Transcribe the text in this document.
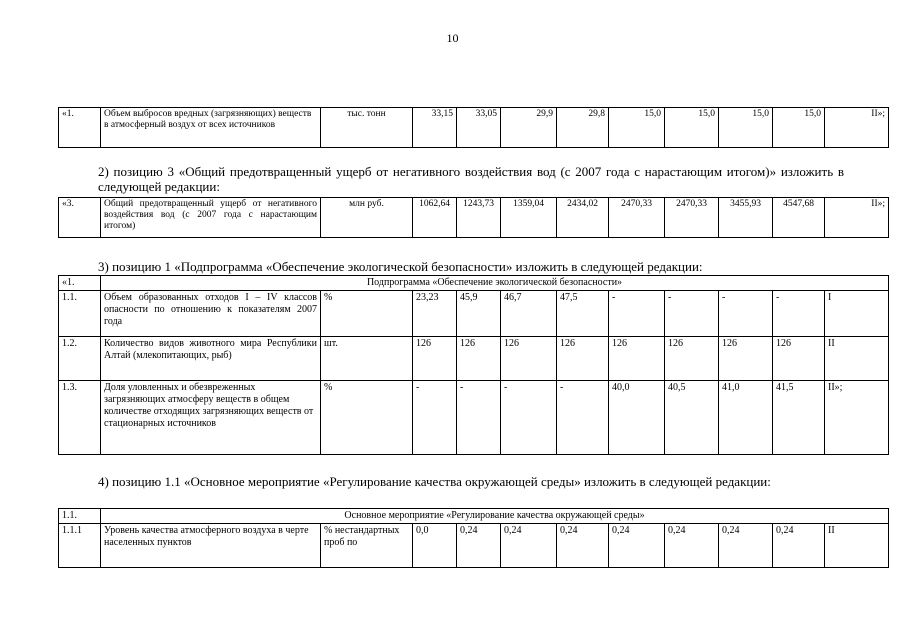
10
«1.	Объем выбросов вредных (загрязняющих) веществ в атмосферный воздух от всех источников	тыс. тонн	33,15	33,05	29,9	29,8	15,0	15,0	15,0	15,0	II»;
2) позицию 3 «Общий предотвращенный ущерб от негативного воздействия вод (с 2007 года с нарастающим итогом)» изложить в следующей редакции:
«3.	Общий предотвращенный ущерб от негативного воздействия вод (с 2007 года с нарастающим итогом)	млн руб.	1062,64	1243,73	1359,04	2434,02	2470,33	2470,33	3455,93	4547,68	II»;
3) позицию 1 «Подпрограмма «Обеспечение экологической безопасности» изложить в следующей редакции:
«1.	Подпрограмма «Обеспечение экологической безопасности»										
1.1.	Объем образованных отходов I – IV классов опасности по отношению к показателям 2007 года	%	23,23	45,9	46,7	47,5	-	-	-	-	I
1.2.	Количество видов животного мира Республики Алтай (млекопитающих, рыб)	шт.	126	126	126	126	126	126	126	126	II
1.3.	Доля уловленных и обезвреженных загрязняющих атмосферу веществ в общем количестве отходящих загрязняющих веществ от стационарных источников	%	-	-	-	-	40,0	40,5	41,0	41,5	II»;
4) позицию 1.1 «Основное мероприятие «Регулирование качества окружающей среды» изложить в следующей редакции:
1.1.	Основное мероприятие «Регулирование качества окружающей среды»										
1.1.1	Уровень качества атмосферного воздуха в черте населенных пунктов	% нестандартных проб по	0,0	0,24	0,24	0,24	0,24	0,24	0,24	0,24	II
